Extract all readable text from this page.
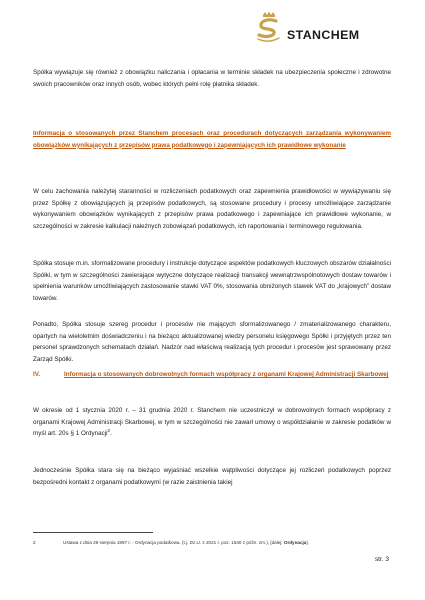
STANCHEM

Spółka wywiązuje się również z obowiązku naliczania i opłacania w terminie składek na ubezpieczenia społeczne i zdrowotne swoich pracowników oraz innych osób, wobec których pełni rolę płatnika składek.

Informacja o stosowanych przez Stanchem procesach oraz procedurach dotyczących zarządzania wykonywaniem obowiązków wynikających z przepisów prawa podatkowego i zapewniających ich prawidłowe wykonanie

W celu zachowania należytej staranności w rozliczeniach podatkowych oraz zapewnienia prawidłowości w wywiązywaniu się przez Spółkę z obowiązujących ją przepisów podatkowych, są stosowane procedury i procesy umożliwiające zarządzanie wykonywaniem obowiązków wynikających z przepisów prawa podatkowego i zapewniające ich prawidłowe wykonanie, w szczególności w zakresie kalkulacji należnych zobowiązań podatkowych, ich raportowania i terminowego regulowania.

Spółka stosuje m.in. sformalizowane procedury i instrukcje dotyczące aspektów podatkowych kluczowych obszarów działalności Spółki, w tym w szczególności zawierające wytyczne dotyczące realizacji transakcji wewnątrzwspólnotowych dostaw towarów i spełnienia warunków umożliwiających zastosowanie stawki VAT 0%, stosowania obniżonych stawek VAT do „krajowych” dostaw towarów.

Ponadto, Spółka stosuje szereg procedur i procesów nie mających sformalizowanego / zmaterializowanego charakteru, opartych na wieloletnim doświadczeniu i na bieżąco aktualizowanej wiedzy personelu księgowego Spółki i przyjętych przez ten personel sprawdzonych schematach działań. Nadzór nad właściwą realizacją tych procedur i procesów jest sprawowany przez Zarząd Spółki.

IV.	Informacja o stosowanych dobrowolnych formach współpracy z organami Krajowej Administracji Skarbowej

W okresie od 1 stycznia 2020 r. – 31 grudnia 2020 r. Stanchem nie uczestniczył w dobrowolnych formach współpracy z organami Krajowej Administracji Skarbowej, w tym w szczególności nie zawarł umowy o współdziałanie w zakresie podatków w myśl art. 20s § 1 Ordynacji$^2$.

Jednocześnie Spółka stara się na bieżąco wyjaśniać wszelkie wątpliwości dotyczące jej rozliczeń podatkowych poprzez bezpośredni kontakt z organami podatkowymi (w razie zaistnienia takiej

2	Ustawa z dnia 29 sierpnia 1997 r. - Ordynacja podatkowa. (t.j. Dz.U. z 2021 r. poz. 1540 z późn. zm.), [dalej: Ordynacja].

str. 3
